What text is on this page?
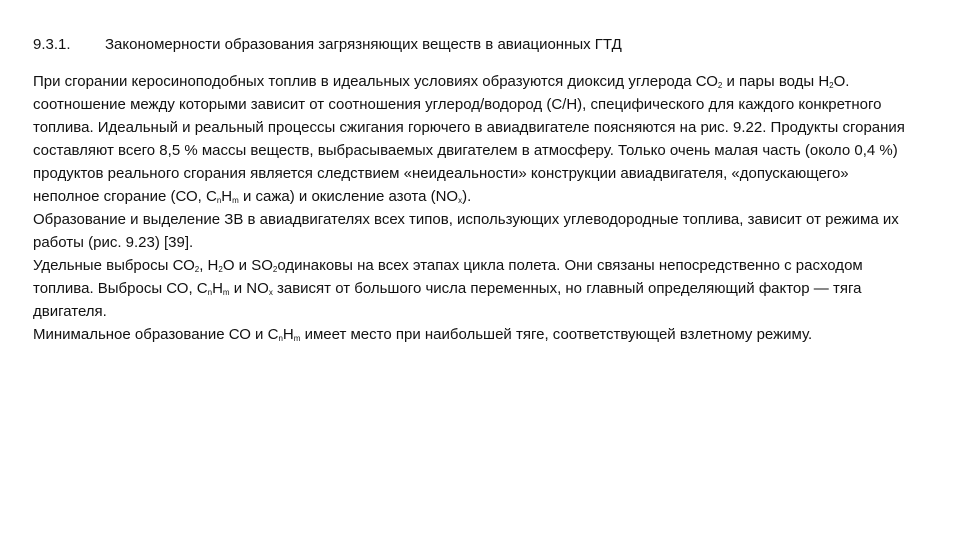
9.3.1. Закономерности образования загрязняющих веществ в авиационных ГТД

При сгорании керосиноподобных топлив в идеальных условиях образуются диоксид углерода $СО_2$ и пары воды $Н_2О$. соотношение между которыми зависит от соотношения углерод/водород (С/Н), специфического для каждого конкретного топлива. Идеальный и реальный процессы сжигания горючего в авиадвигателе поясняются на рис. 9.22. Продукты сгорания составляют всего 8,5 % массы веществ, выбрасываемых двигателем в атмосферу. Только очень малая часть (около 0,4 %) продуктов реального сгорания является следствием «неидеальности» конструкции авиадвигателя, «допускающего» неполное сгорание (СО, $С_nН_m$ и сажа) и окисление азота $(NO_x)$.

Образование и выделение ЗВ в авиадвигателях всех типов, использующих углеводородные топлива, зависит от режима их работы (рис. 9.23) [39].

Удельные выбросы $СО_2$, $Н_2О$ и $SО_2одинаковы$ на всех этапах цикла полета. Они связаны непосредственно с расходом топлива. Выбросы СО, $С_nН_m$ и $NO_x$ зависят от большого числа переменных, но главный определяющий фактор — тяга двигателя.

Минимальное образование СО и $С_nН_m$ имеет место при наибольшей тяге, соответствующей взлетному режиму.
